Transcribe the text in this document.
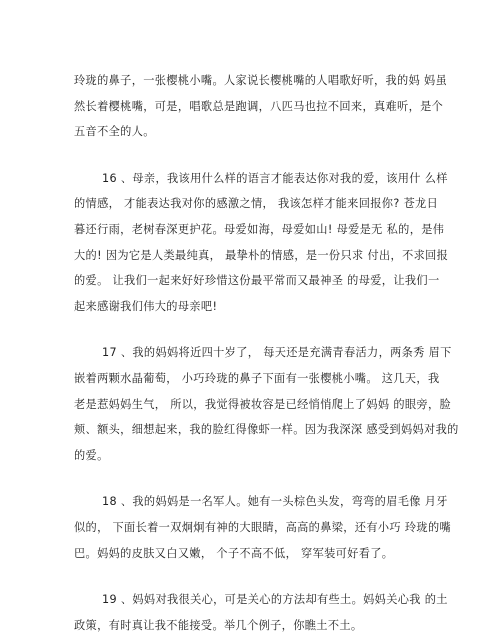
玲珑的鼻子，一张樱桃小嘴。人家说长樱桃嘴的人唱歌好听，我的妈 妈虽
然长着樱桃嘴，可是，唱歌总是跑调，八匹马也拉不回来，真难听，是个
五音不全的人。
16 、母亲，我该用什么样的语言才能表达你对我的爱，该用什 么样
的情感， 才能表达我对你的感激之情， 我该怎样才能来回报你? 苍龙日
暮还行雨，老树春深更护花。母爱如海，母爱如山! 母爱是无 私的，是伟
大的! 因为它是人类最纯真， 最挚朴的情感，是一份只求 付出，不求回报
的爱。 让我们一起来好好珍惜这份最平常而又最神圣 的母爱，让我们一
起来感谢我们伟大的母亲吧!
17 、我的妈妈将近四十岁了， 每天还是充满青春活力，两条秀 眉下
嵌着两颗水晶葡萄， 小巧玲珑的鼻子下面有一张樱桃小嘴。 这几天，我
老是惹妈妈生气， 所以，我觉得被妆容是已经悄悄爬上了妈妈 的眼旁，脸
颊、额头，细想起来，我的脸红得像虾一样。因为我深深 感受到妈妈对我的
的爱。
18 、我的妈妈是一名军人。她有一头棕色头发，弯弯的眉毛像 月牙
似的， 下面长着一双炯炯有神的大眼睛，高高的鼻梁，还有小巧 玲珑的嘴
巴。妈妈的皮肤又白又嫩， 个子不高不低， 穿军装可好看了。
19 、妈妈对我很关心，可是关心的方法却有些土。妈妈关心我 的土
政策，有时真让我不能接受。举几个例子，你瞧土不土。
